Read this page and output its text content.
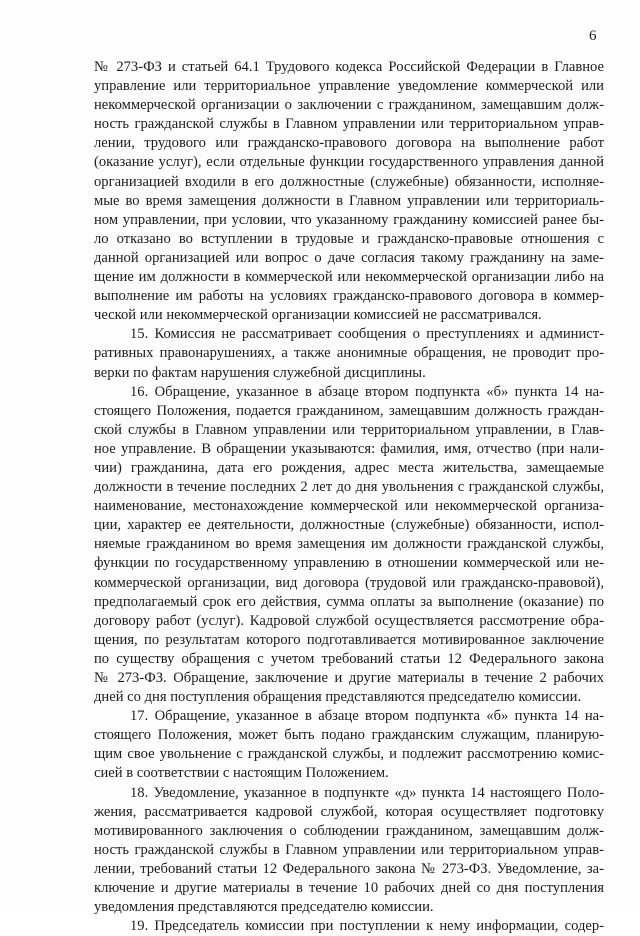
6
№ 273-ФЗ и статьей 64.1 Трудового кодекса Российской Федерации в Главное
управление или территориальное управление уведомление коммерческой или
некоммерческой организации о заключении с гражданином, замещавшим долж-
ность гражданской службы в Главном управлении или территориальном управ-
лении, трудового или гражданско-правового договора на выполнение работ
(оказание услуг), если отдельные функции государственного управления данной
организацией входили в его должностные (служебные) обязанности, исполняе-
мые во время замещения должности в Главном управлении или территориаль-
ном управлении, при условии, что указанному гражданину комиссией ранее бы-
ло отказано во вступлении в трудовые и гражданско-правовые отношения с
данной организацией или вопрос о даче согласия такому гражданину на заме-
щение им должности в коммерческой или некоммерческой организации либо на
выполнение им работы на условиях гражданско-правового договора в коммер-
ческой или некоммерческой организации комиссией не рассматривался.
15. Комиссия не рассматривает сообщения о преступлениях и админист-
ративных правонарушениях, а также анонимные обращения, не проводит про-
верки по фактам нарушения служебной дисциплины.
16. Обращение, указанное в абзаце втором подпункта «б» пункта 14 на-
стоящего Положения, подается гражданином, замещавшим должность граждан-
ской службы в Главном управлении или территориальном управлении, в Глав-
ное управление. В обращении указываются: фамилия, имя, отчество (при нали-
чии) гражданина, дата его рождения, адрес места жительства, замещаемые
должности в течение последних 2 лет до дня увольнения с гражданской службы,
наименование, местонахождение коммерческой или некоммерческой организа-
ции, характер ее деятельности, должностные (служебные) обязанности, испол-
няемые гражданином во время замещения им должности гражданской службы,
функции по государственному управлению в отношении коммерческой или не-
коммерческой организации, вид договора (трудовой или гражданско-правовой),
предполагаемый срок его действия, сумма оплаты за выполнение (оказание) по
договору работ (услуг). Кадровой службой осуществляется рассмотрение обра-
щения, по результатам которого подготавливается мотивированное заключение
по существу обращения с учетом требований статьи 12 Федерального закона
№ 273-ФЗ. Обращение, заключение и другие материалы в течение 2 рабочих
дней со дня поступления обращения представляются председателю комиссии.
17. Обращение, указанное в абзаце втором подпункта «б» пункта 14 на-
стоящего Положения, может быть подано гражданским служащим, планирую-
щим свое увольнение с гражданской службы, и подлежит рассмотрению комис-
сией в соответствии с настоящим Положением.
18. Уведомление, указанное в подпункте «д» пункта 14 настоящего Поло-
жения, рассматривается кадровой службой, которая осуществляет подготовку
мотивированного заключения о соблюдении гражданином, замещавшим долж-
ность гражданской службы в Главном управлении или территориальном управ-
лении, требований статьи 12 Федерального закона № 273-ФЗ. Уведомление, за-
ключение и другие материалы в течение 10 рабочих дней со дня поступления
уведомления представляются председателю комиссии.
19. Председатель комиссии при поступлении к нему информации, содер-
